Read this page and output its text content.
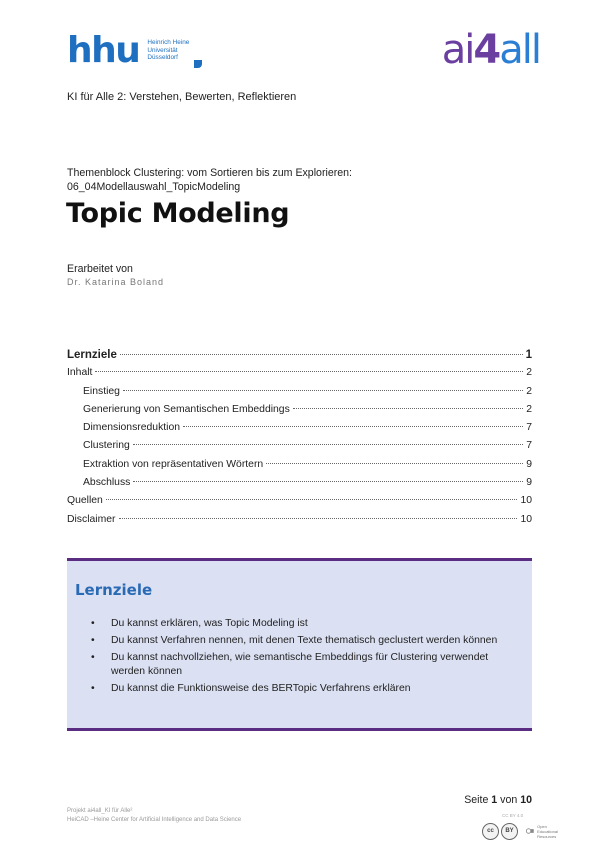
hhu Heinrich Heine
Universität
Düsseldorf	ai4all
KI für Alle 2: Verstehen, Bewerten, Reflektieren
Themenblock Clustering: vom Sortieren bis zum Explorieren:
06_04Modellauswahl_TopicModeling
Topic Modeling
Erarbeitet von
Dr. Katarina Boland
Lernziele	1
Inhalt	2
Einstieg	2
Generierung von Semantischen Embeddings	2
Dimensionsreduktion	7
Clustering	7
Extraktion von repräsentativen Wörtern	9
Abschluss	9
Quellen	10
Disclaimer	10
Lernziele
• Du kannst erklären, was Topic Modeling ist
• Du kannst Verfahren nennen, mit denen Texte thematisch geclustert werden können
• Du kannst nachvollziehen, wie semantische Embeddings für Clustering verwendet werden können
• Du kannst die Funktionsweise des BERTopic Verfahrens erklären
Seite 1 von 10
Projekt ai4all_KI für Alle²
HeiCAD –Heine Center for Artificial Intelligence and Data Science
CC BY 4.0
cc	BY
Open Educational Resources
